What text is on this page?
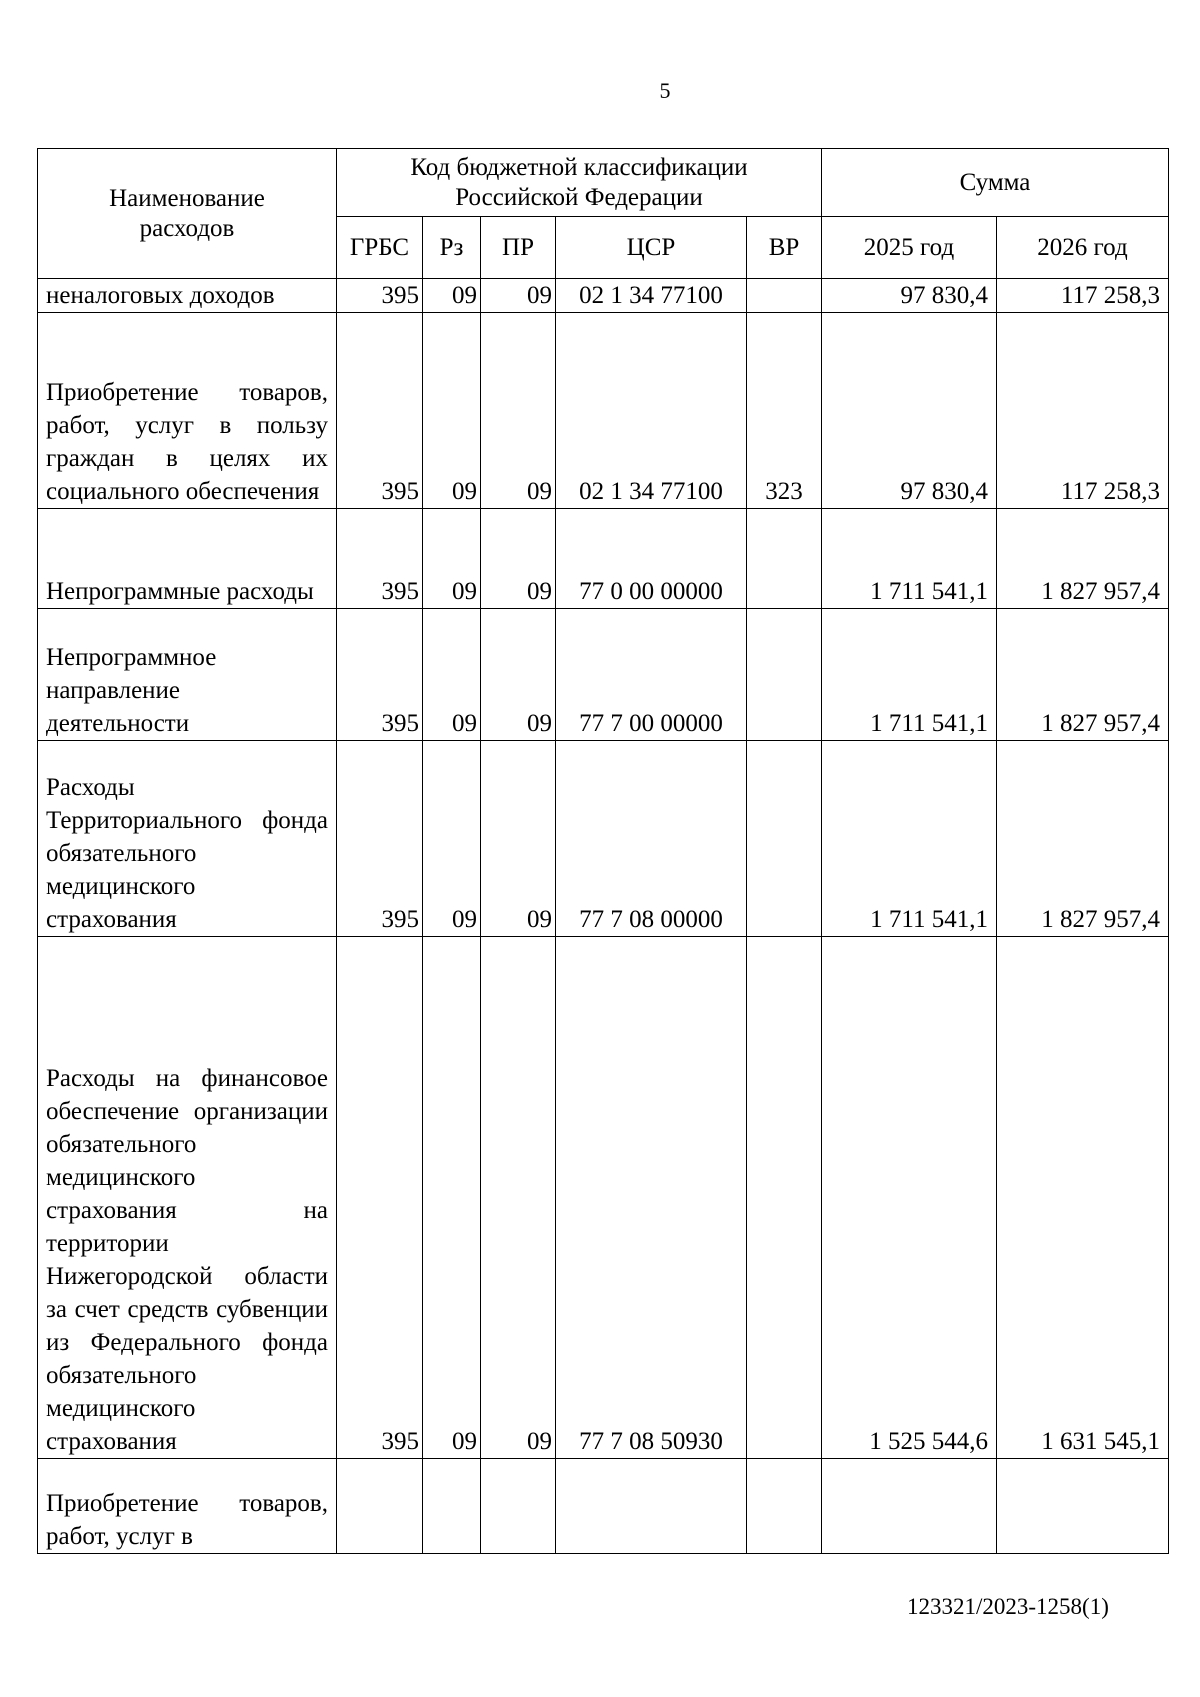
5
Наименование расходов	Код бюджетной классификации Российской Федерации					Сумма	
	ГРБС	Рз	ПР	ЦСР	ВР	2025 год	2026 год
неналоговых доходов	395	09	09	02 1 34 77100		97 830,4	117 258,3
Приобретение товаров, работ, услуг в пользу граждан в целях их социального обеспечения	395	09	09	02 1 34 77100	323	97 830,4	117 258,3
Непрограммные расходы	395	09	09	77 0 00 00000		1 711 541,1	1 827 957,4
Непрограммное направление деятельности	395	09	09	77 7 00 00000		1 711 541,1	1 827 957,4
Расходы Территориального фонда обязательного медицинского страхования	395	09	09	77 7 08 00000		1 711 541,1	1 827 957,4
Расходы на финансовое обеспечение организации обязательного медицинского страхования на территории Нижегородской области за счет средств субвенции из Федерального фонда обязательного медицинского страхования	395	09	09	77 7 08 50930		1 525 544,6	1 631 545,1
Приобретение товаров, работ, услуг в							
123321/2023-1258(1)
